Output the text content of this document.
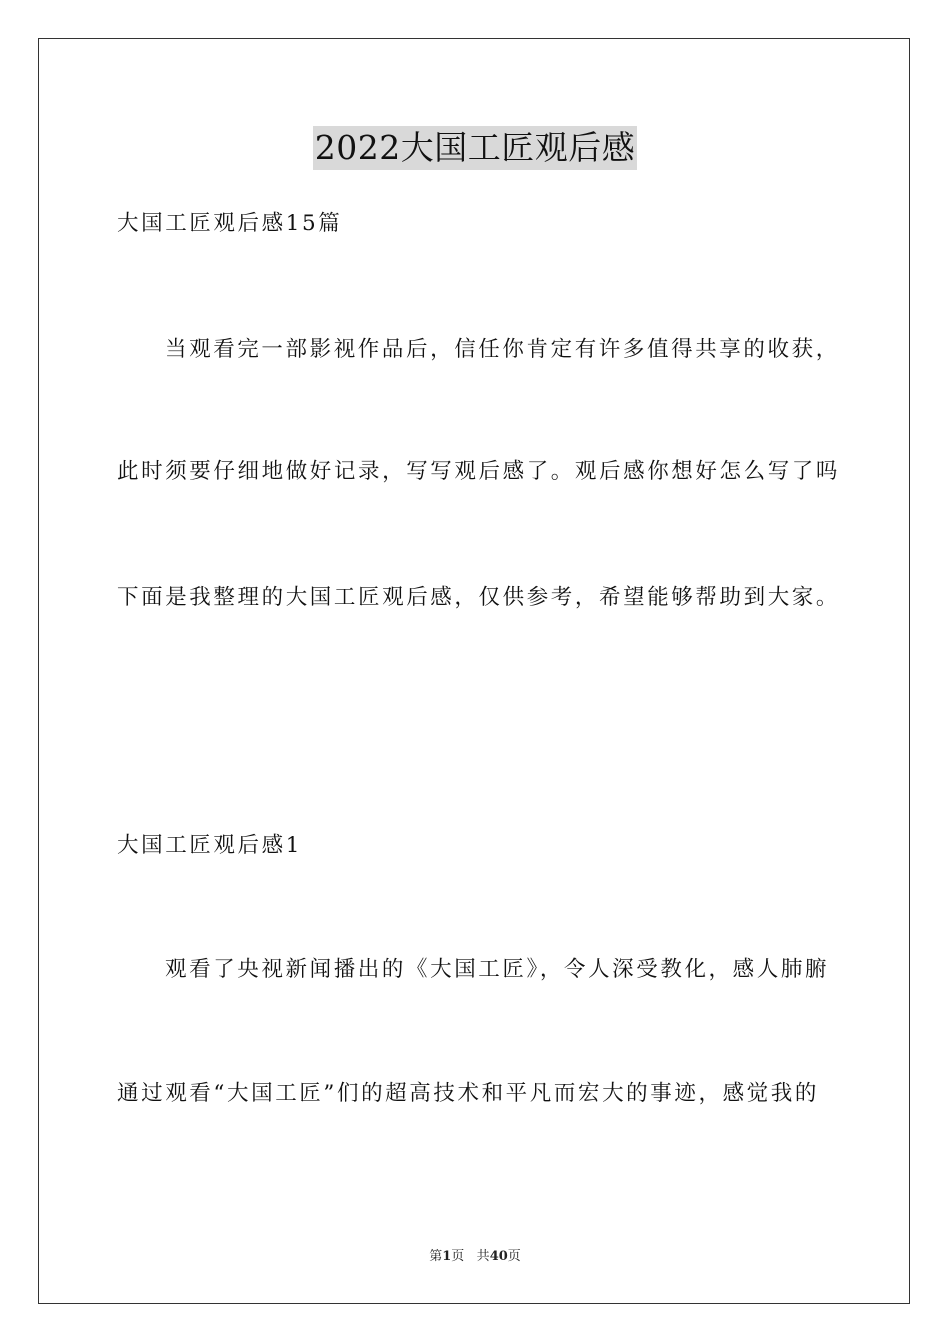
2022大国工匠观后感
大国工匠观后感15篇
当观看完一部影视作品后，信任你肯定有许多值得共享的收获，
此时须要仔细地做好记录，写写观后感了。观后感你想好怎么写了吗
下面是我整理的大国工匠观后感，仅供参考，希望能够帮助到大家。
大国工匠观后感1
观看了央视新闻播出的《大国工匠》，令人深受教化，感人肺腑
通过观看“大国工匠”们的超高技术和平凡而宏大的事迹，感觉我的
第1页 共40页
